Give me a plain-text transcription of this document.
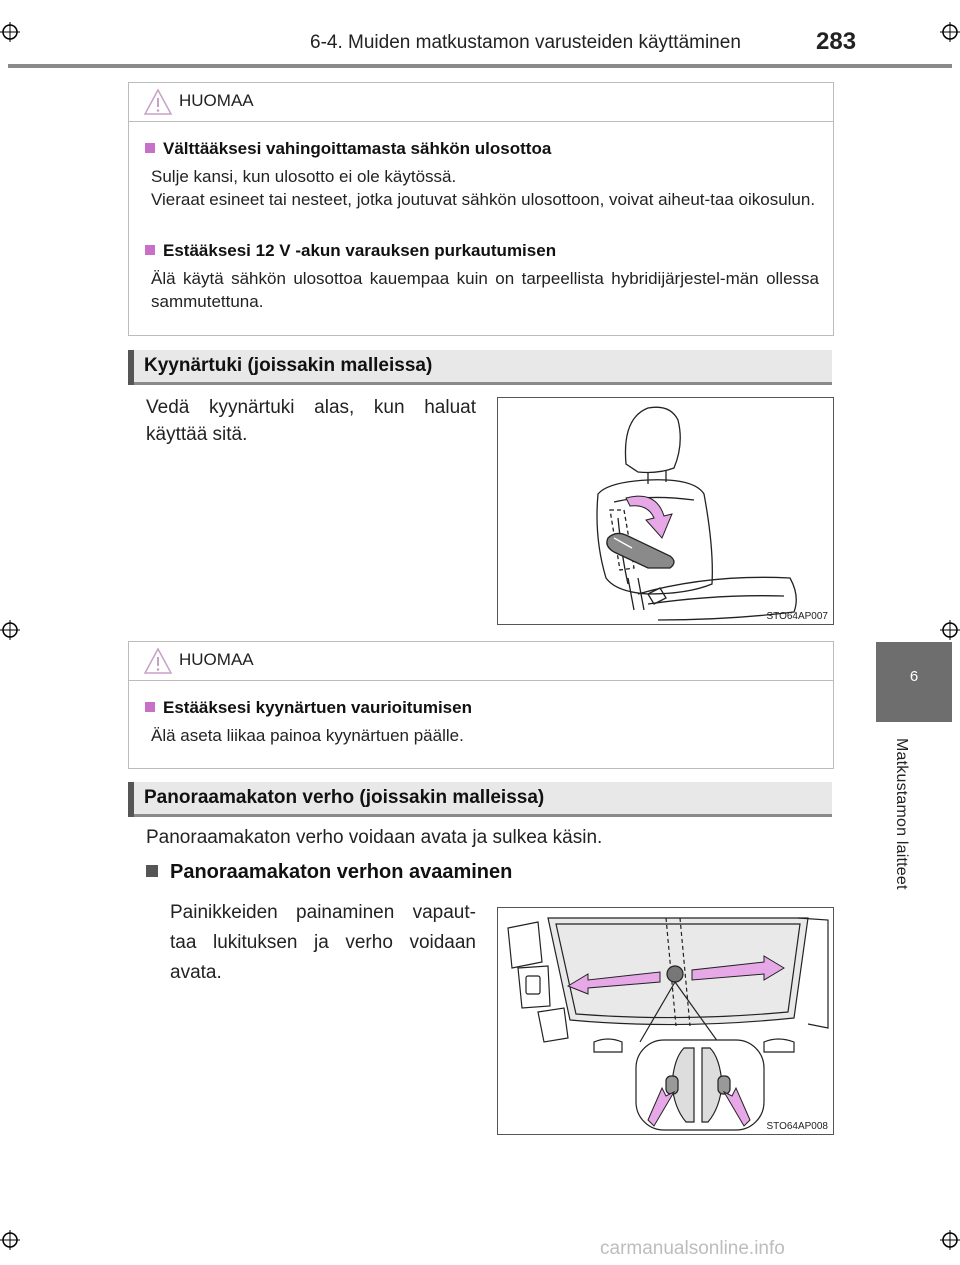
6-4. Muiden matkustamon varusteiden käyttäminen	283
6
Matkustamon laitteet
HUOMAA
Välttääksesi vahingoittamasta sähkön ulosottoa
Sulje kansi, kun ulosotto ei ole käytössä.
Vieraat esineet tai nesteet, jotka joutuvat sähkön ulosottoon, voivat aiheut-taa oikosulun.
Estääksesi 12 V -akun varauksen purkautumisen
Älä käytä sähkön ulosottoa kauempaa kuin on tarpeellista hybridijärjestel-män ollessa sammutettuna.
Kyynärtuki (joissakin malleissa)
Vedä kyynärtuki alas, kun haluat käyttää sitä.
STO64AP007
HUOMAA
Estääksesi kyynärtuen vaurioitumisen
Älä aseta liikaa painoa kyynärtuen päälle.
Panoraamakaton verho (joissakin malleissa)
Panoraamakaton verho voidaan avata ja sulkea käsin.
Panoraamakaton verhon avaaminen
Painikkeiden painaminen vapaut-taa lukituksen ja verho voidaan avata.
STO64AP008
carmanualsonline.info
